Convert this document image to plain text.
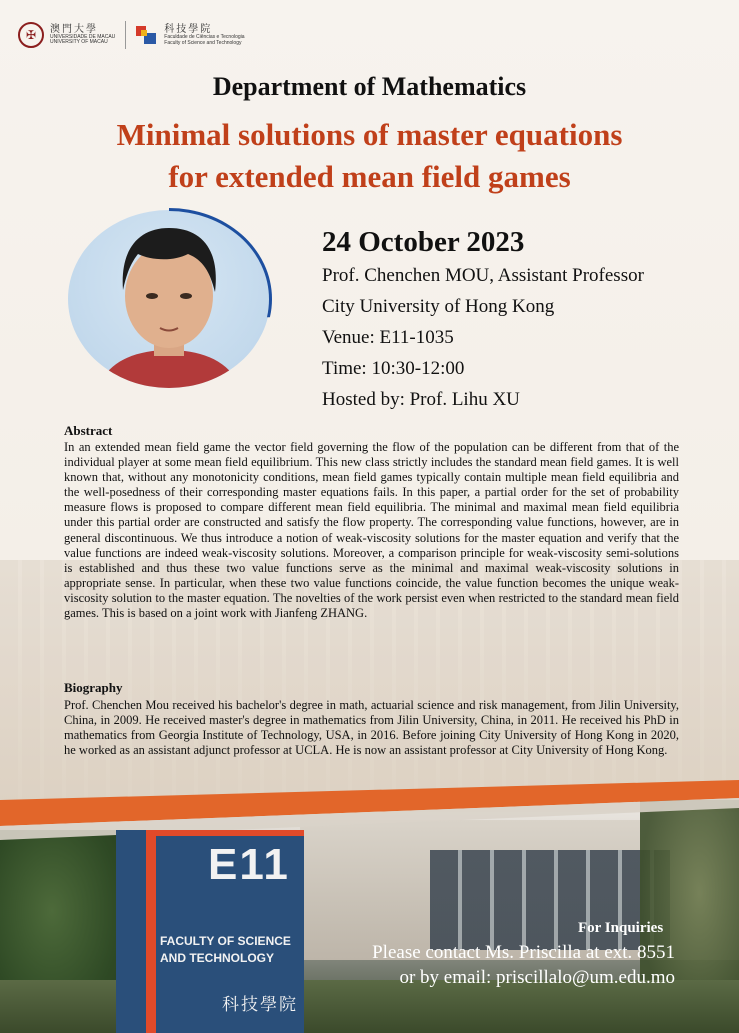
✠	澳門大學
UNIVERSIDADE DE MACAU
UNIVERSITY OF MACAU
科技學院
Faculdade de Ciências e Tecnologia
Faculty of Science and Technology
Department of Mathematics
Minimal solutions of master equations
for extended mean field games
24 October 2023
Prof. Chenchen MOU, Assistant Professor
City University of Hong Kong
Venue: E11-1035
Time: 10:30-12:00
Hosted by: Prof. Lihu XU
Abstract
In an extended mean field game the vector field governing the flow of the population can be different from that of the individual player at some mean field equilibrium. This new class strictly includes the standard mean field games. It is well known that, without any monotonicity conditions, mean field games typically contain multiple mean field equilibria and the well-posedness of their corresponding master equations fails. In this paper, a partial order for the set of probability measure flows is proposed to compare different mean field equilibria. The minimal and maximal mean field equilibria under this partial order are constructed and satisfy the flow property. The corresponding value functions, however, are in general discontinuous. We thus introduce a notion of weak-viscosity solutions for the master equation and verify that the value functions are indeed weak-viscosity solutions. Moreover, a comparison principle for weak-viscosity semi-solutions is established and thus these two value functions serve as the minimal and maximal weak-viscosity solutions in appropriate sense. In particular, when these two value functions coincide, the value function becomes the unique weak-viscosity solution to the master equation. The novelties of the work persist even when restricted to the standard mean field games. This is based on a joint work with Jianfeng ZHANG.
Biography
Prof. Chenchen Mou received his bachelor's degree in math, actuarial science and risk management, from Jilin University, China, in 2009. He received master's degree in mathematics from Jilin University, China, in 2011. He received his PhD in mathematics from Georgia Institute of Technology, USA, in 2016. Before joining City University of Hong Kong in 2020, he worked as an assistant adjunct professor at UCLA. He is now an assistant professor at City University of Hong Kong.
E11
FACULTY OF SCIENCE
AND TECHNOLOGY
科技學院
For Inquiries
Please contact Ms. Priscilla at ext. 8551
or by email: priscillalo@um.edu.mo
